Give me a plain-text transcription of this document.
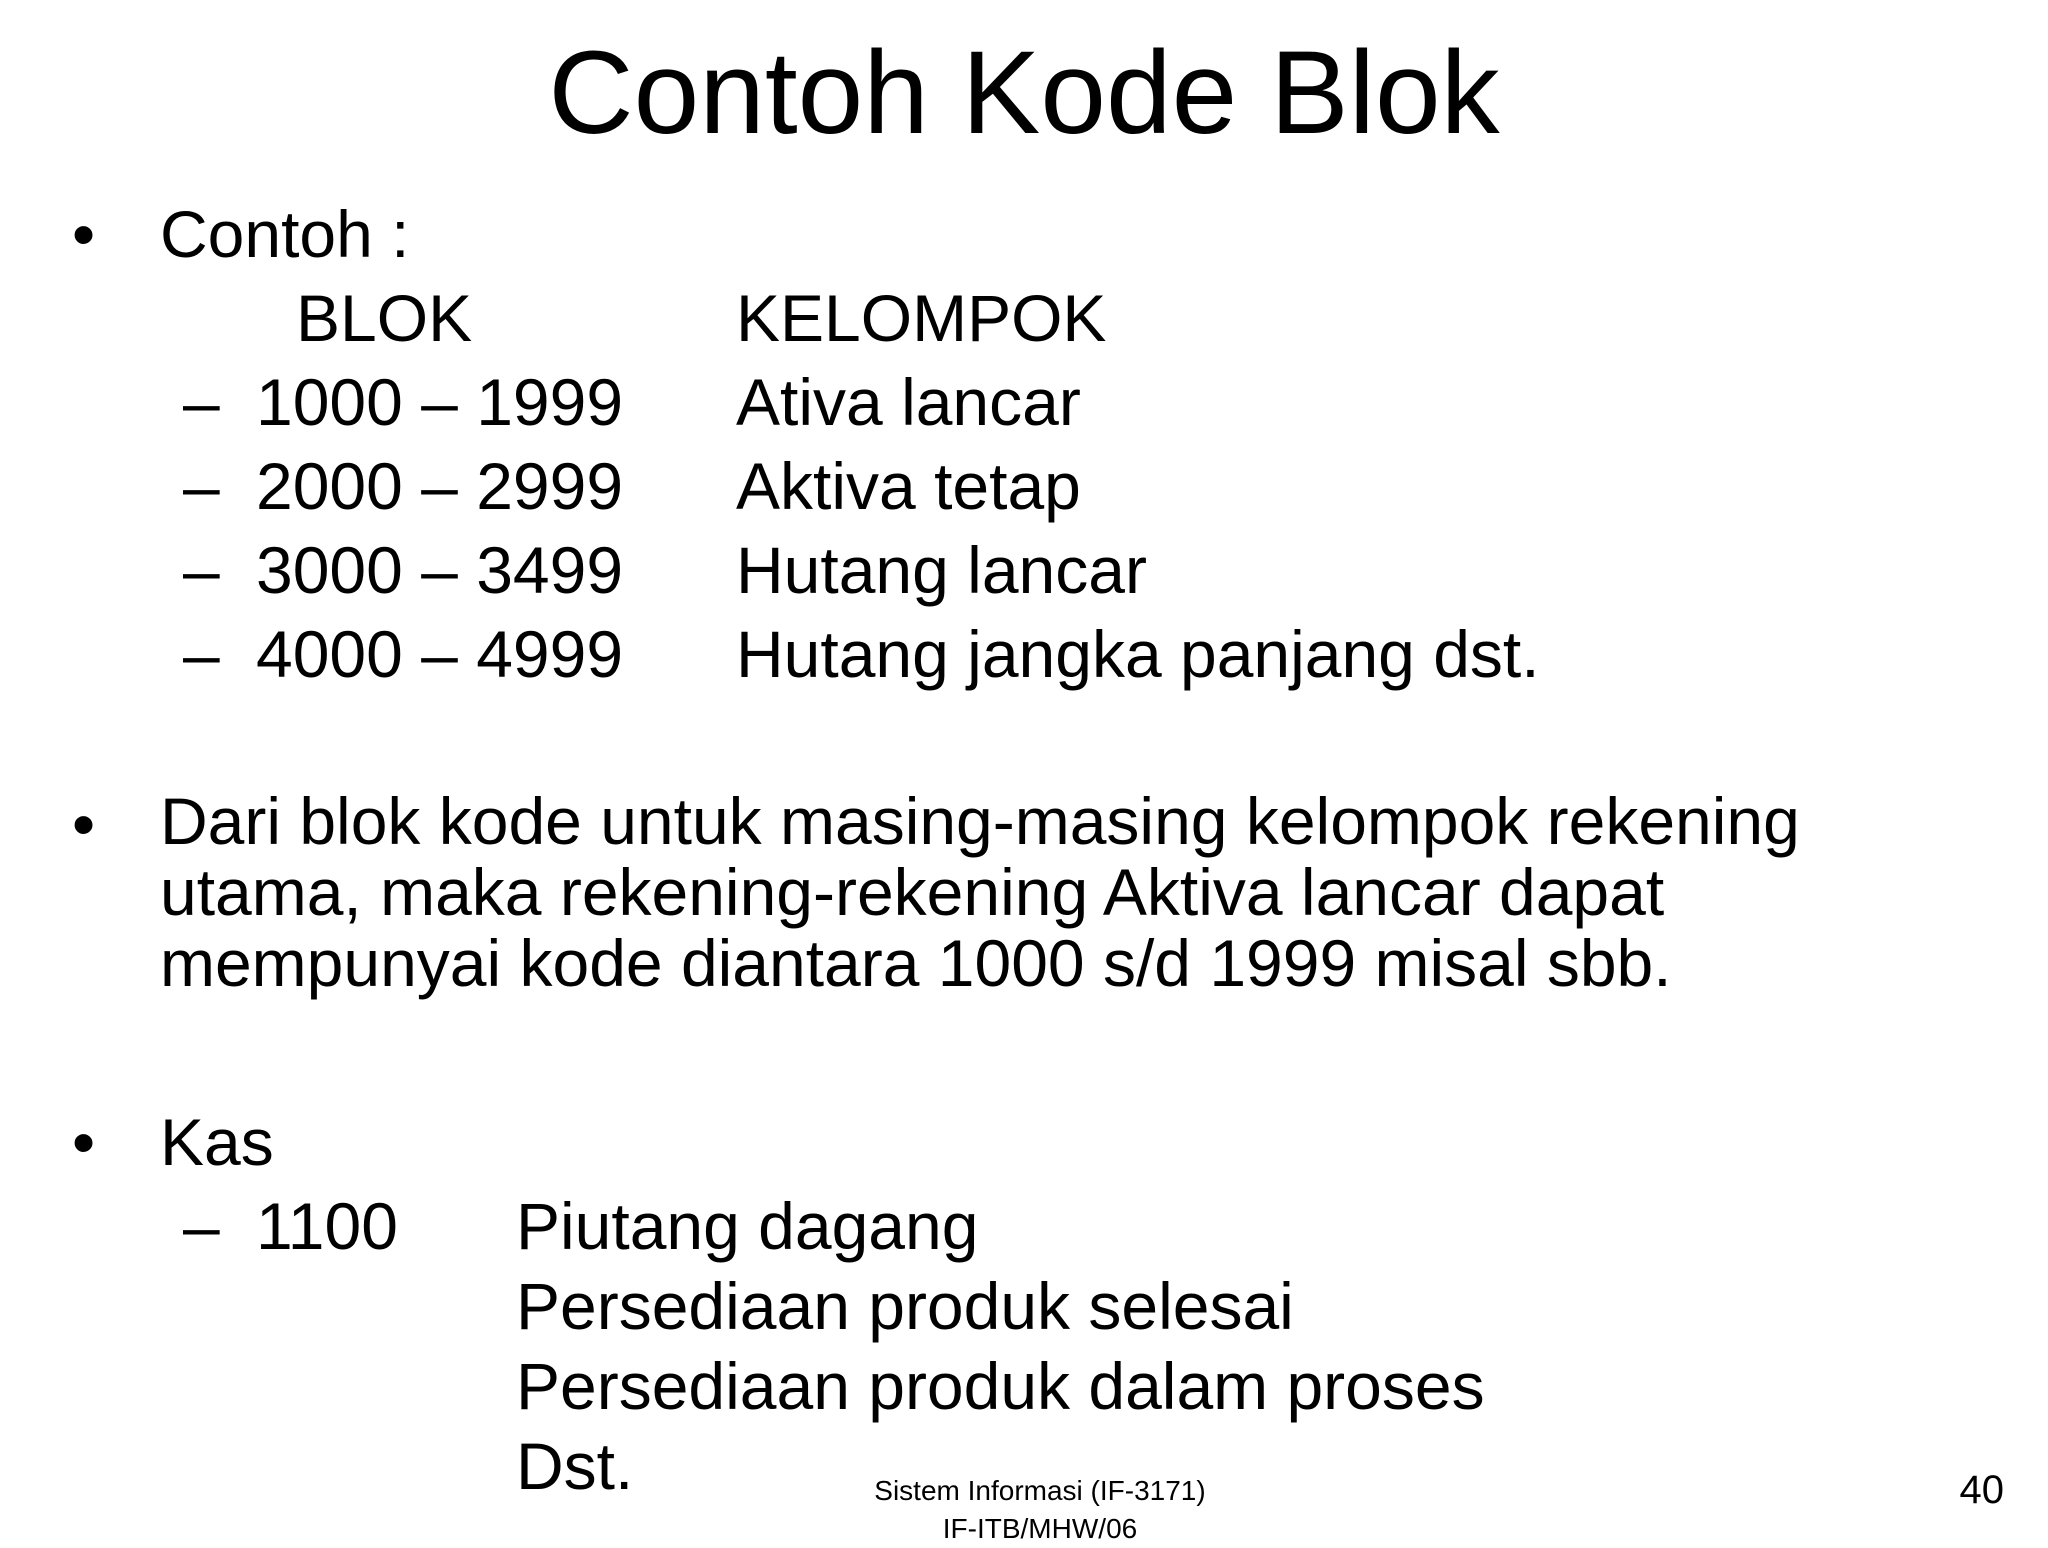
Contoh Kode Blok
• Contoh :
BLOK	KELOMPOK
– 1000 – 1999 Ativa lancar
– 2000 – 2999 Aktiva tetap
– 3000 – 3499 Hutang lancar
– 4000 – 4999 Hutang jangka panjang dst.
• Dari blok kode untuk masing-masing kelompok rekening
utama, maka rekening-rekening Aktiva lancar dapat
mempunyai kode diantara 1000 s/d 1999 misal sbb.
• Kas
– 1100 Piutang dagang
Persediaan produk selesai
Persediaan produk dalam proses
Dst.	Sistem Informasi (IF-3171)
IF-ITB/MHW/06
40
